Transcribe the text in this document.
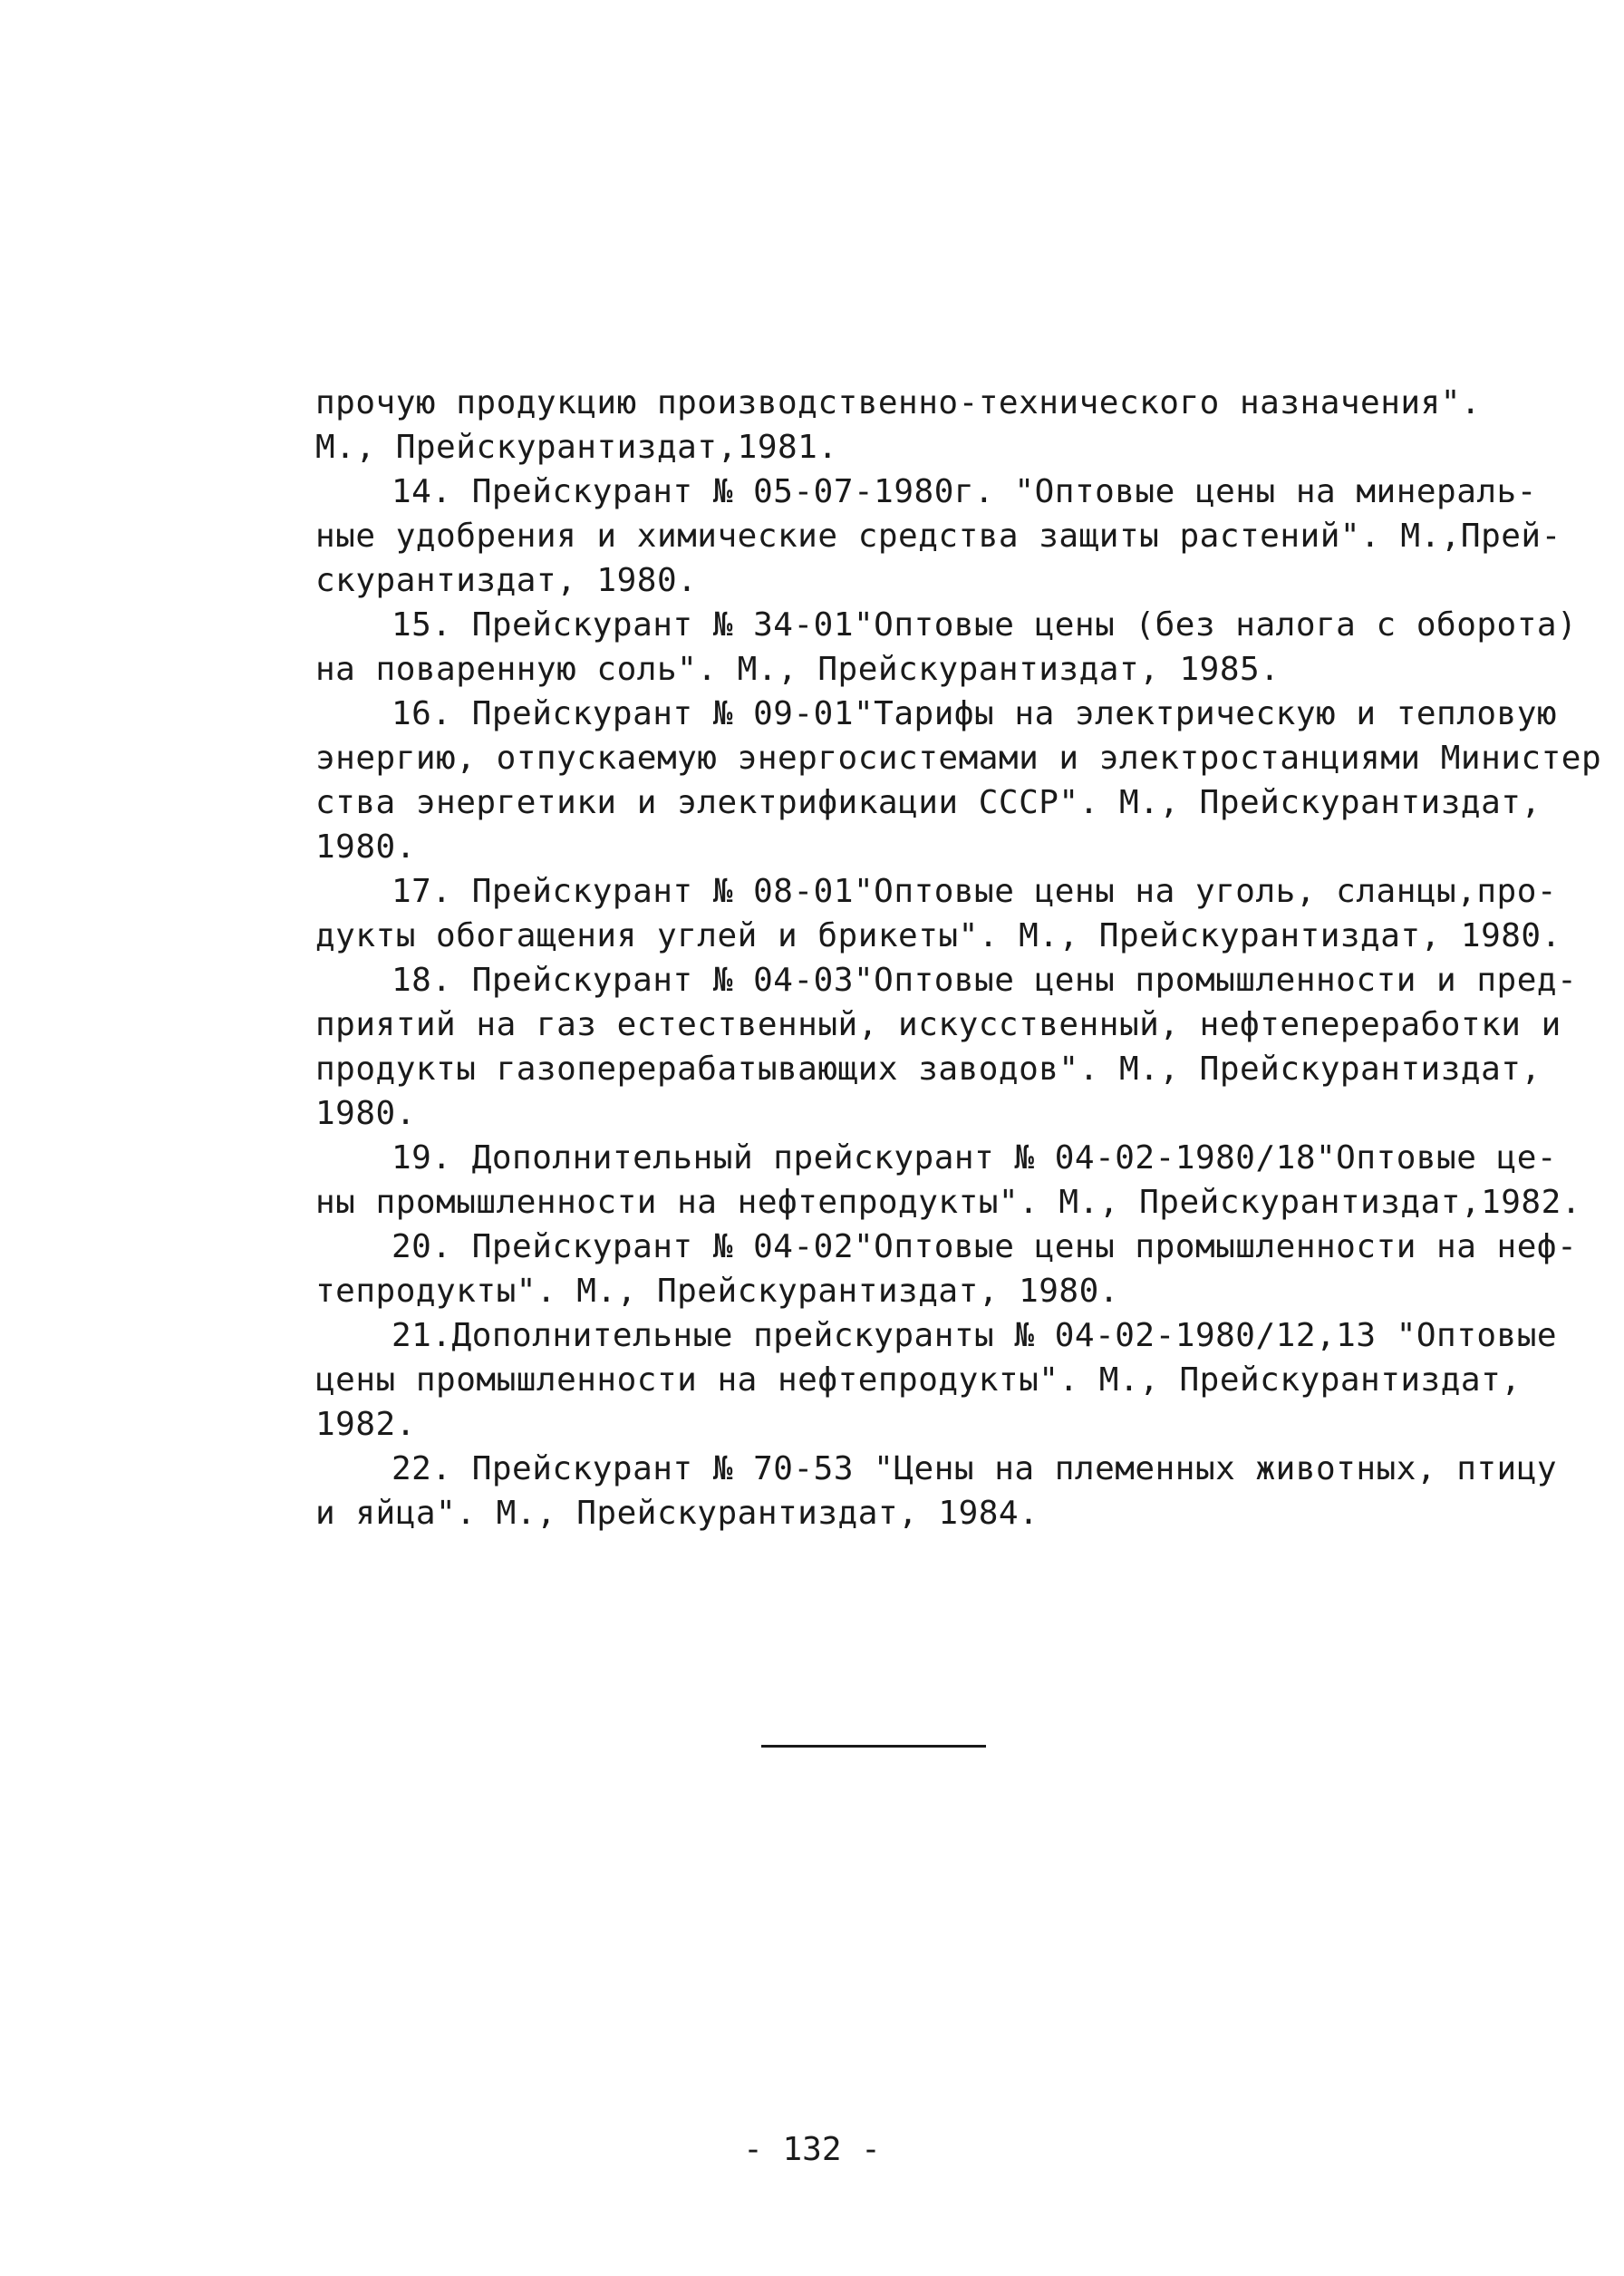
прочую продукцию производственно-технического назначения".
М., Прейскурантиздат,1981.
14. Прейскурант № 05-07-1980г. "Оптовые цены на минераль-
ные удобрения и химические средства защиты растений". М.,Прей-
скурантиздат, 1980.
15. Прейскурант № 34-01"Оптовые цены (без налога с оборота)
на поваренную соль". М., Прейскурантиздат, 1985.
16. Прейскурант № 09-01"Тарифы на электрическую и тепловую
энергию, отпускаемую энергосистемами и электростанциями Министер
ства энергетики и электрификации СССР". М., Прейскурантиздат,
1980.
17. Прейскурант № 08-01"Оптовые цены на уголь, сланцы,про-
дукты обогащения углей и брикеты". М., Прейскурантиздат, 1980.
18. Прейскурант № 04-03"Оптовые цены промышленности и пред-
приятий на газ естественный, искусственный, нефтепереработки и
продукты газоперерабатывающих заводов". М., Прейскурантиздат,
1980.
19. Дополнительный прейскурант № 04-02-1980/18"Оптовые це-
ны промышленности на нефтепродукты". М., Прейскурантиздат,1982.
20. Прейскурант № 04-02"Оптовые цены промышленности на неф-
тепродукты". М., Прейскурантиздат, 1980.
21.Дополнительные прейскуранты № 04-02-1980/12,13 "Оптовые
цены промышленности на нефтепродукты". М., Прейскурантиздат,
1982.
22. Прейскурант № 70-53 "Цены на племенных животных, птицу
и яйца". М., Прейскурантиздат, 1984.
- 132 -
